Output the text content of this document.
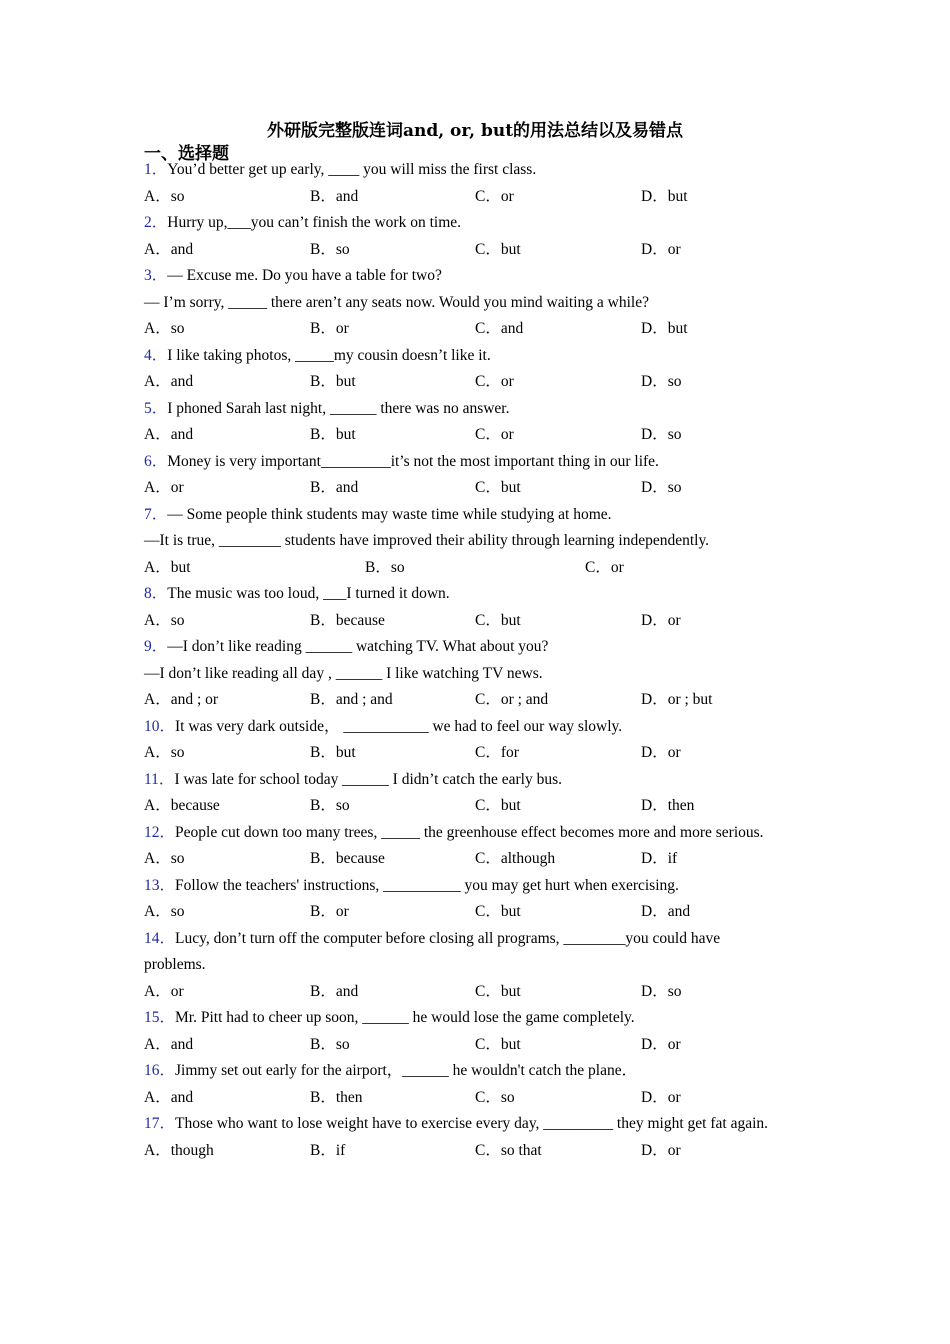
外研版完整版连词and, or, but的用法总结以及易错点
一、选择题
1．You’d better get up early, ____ you will miss the first class.
A．so	B．and	C．or	D．but
2．Hurry up,___you can’t finish the work on time.
A．and	B．so	C．but	D．or
3．— Excuse me. Do you have a table for two?
— I’m sorry, _____ there aren’t any seats now. Would you mind waiting a while?
A．so	B．or	C．and	D．but
4．I like taking photos, _____my cousin doesn’t like it.
A．and	B．but	C．or	D．so
5．I phoned Sarah last night, ______ there was no answer.
A．and	B．but	C．or	D．so
6．Money is very important_________it’s not the most important thing in our life.
A．or	B．and	C．but	D．so
7．— Some people think students may waste time while studying at home.
—It is true, ________ students have improved their ability through learning independently.
A．but	B．so	C．or
8．The music was too loud, ___I turned it down.
A．so	B．because	C．but	D．or
9．—I don’t like reading ______ watching TV. What about you?
—I don’t like reading all day , ______ I like watching TV news.
A．and ; or	B．and ; and	C．or ; and	D．or ; but
10．It was very dark outside， ___________ we had to feel our way slowly.
A．so	B．but	C．for	D．or
11．I was late for school today ______ I didn’t catch the early bus.
A．because	B．so	C．but	D．then
12．People cut down too many trees, _____ the greenhouse effect becomes more and more serious.
A．so	B．because	C．although	D．if
13．Follow the teachers' instructions, __________ you may get hurt when exercising.
A．so	B．or	C．but	D．and
14．Lucy, don’t turn off the computer before closing all programs, ________you could have problems.
A．or	B．and	C．but	D．so
15．Mr. Pitt had to cheer up soon, ______ he would lose the game completely.
A．and	B．so	C．but	D．or
16．Jimmy set out early for the airport，______ he wouldn't catch the plane．
A．and	B．then	C．so	D．or
17．Those who want to lose weight have to exercise every day, _________ they might get fat again.
A．though	B．if	C．so that	D．or
